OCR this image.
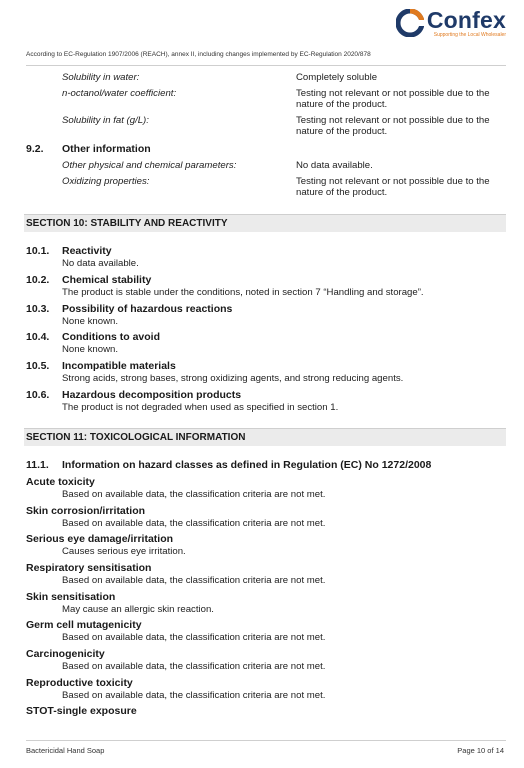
Confex
Supporting the Local Wholesaler
According to EC-Regulation 1907/2006 (REACH), annex II, including changes implemented by EC-Regulation 2020/878
Solubility in water:	Completely soluble
n-octanol/water coefficient:	Testing not relevant or not possible due to the nature of the product.
Solubility in fat (g/L):	Testing not relevant or not possible due to the nature of the product.
9.2. Other information
Other physical and chemical parameters:	No data available.
Oxidizing properties:	Testing not relevant or not possible due to the nature of the product.
SECTION 10: STABILITY AND REACTIVITY
10.1. Reactivity
No data available.
10.2. Chemical stability
The product is stable under the conditions, noted in section 7 “Handling and storage”.
10.3. Possibility of hazardous reactions
None known.
10.4. Conditions to avoid
None known.
10.5. Incompatible materials
Strong acids, strong bases, strong oxidizing agents, and strong reducing agents.
10.6. Hazardous decomposition products
The product is not degraded when used as specified in section 1.
SECTION 11: TOXICOLOGICAL INFORMATION
11.1. Information on hazard classes as defined in Regulation (EC) No 1272/2008
Acute toxicity
Based on available data, the classification criteria are not met.
Skin corrosion/irritation
Based on available data, the classification criteria are not met.
Serious eye damage/irritation
Causes serious eye irritation.
Respiratory sensitisation
Based on available data, the classification criteria are not met.
Skin sensitisation
May cause an allergic skin reaction.
Germ cell mutagenicity
Based on available data, the classification criteria are not met.
Carcinogenicity
Based on available data, the classification criteria are not met.
Reproductive toxicity
Based on available data, the classification criteria are not met.
STOT-single exposure
Bactericidal Hand Soap	Page 10 of 14
